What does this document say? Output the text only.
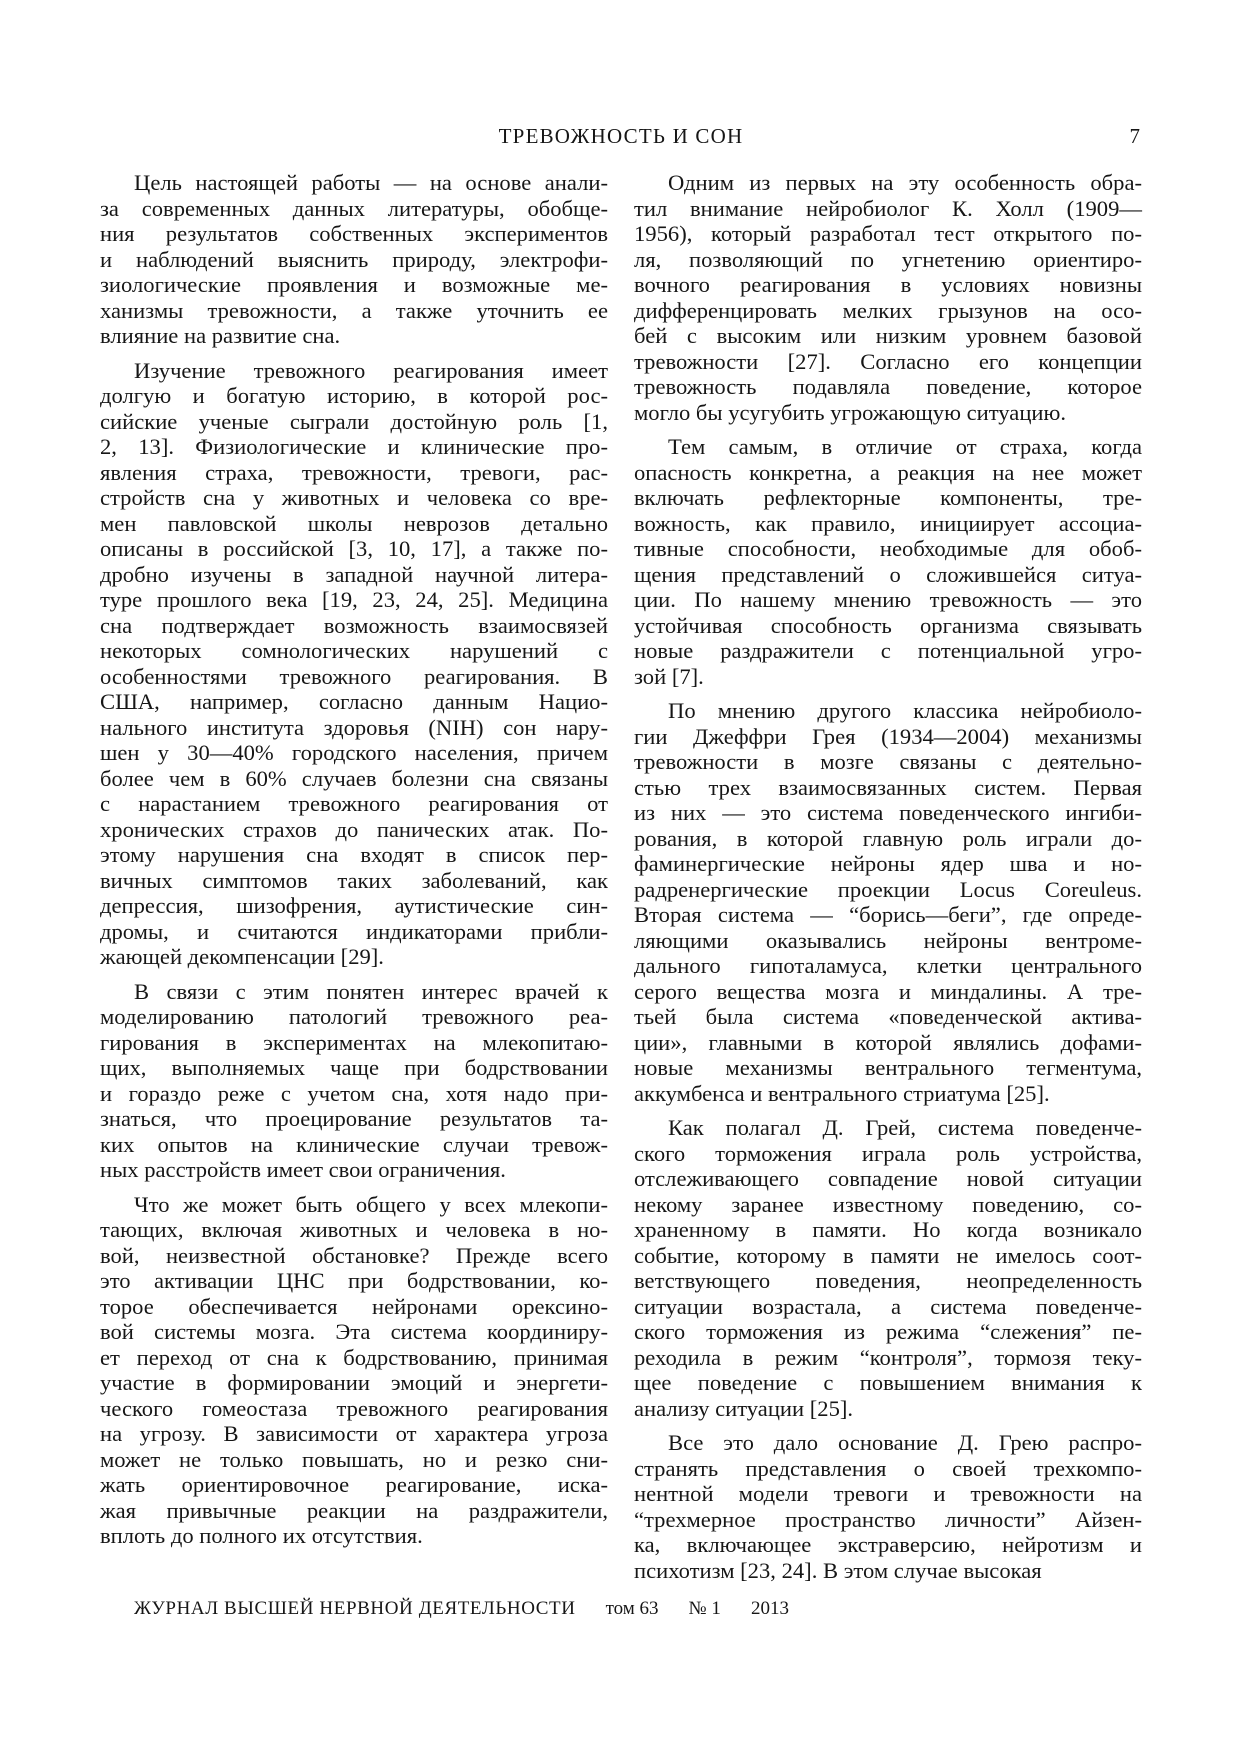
ТРЕВОЖНОСТЬ И СОН	7
Цель настоящей работы — на основе анали-
за современных данных литературы, обобще-
ния результатов собственных экспериментов
и наблюдений выяснить природу, электрофи-
зиологические проявления и возможные ме-
ханизмы тревожности, а также уточнить ее
влияние на развитие сна.
Изучение тревожного реагирования имеет
долгую и богатую историю, в которой рос-
сийские ученые сыграли достойную роль [1,
2, 13]. Физиологические и клинические про-
явления страха, тревожности, тревоги, рас-
стройств сна у животных и человека со вре-
мен павловской школы неврозов детально
описаны в российской [3, 10, 17], а также по-
дробно изучены в западной научной литера-
туре прошлого века [19, 23, 24, 25]. Медицина
сна подтверждает возможность взаимосвязей
некоторых сомнологических нарушений с
особенностями тревожного реагирования. В
США, например, согласно данным Нацио-
нального института здоровья (NIH) сон нару-
шен у 30—40% городского населения, причем
более чем в 60% случаев болезни сна связаны
с нарастанием тревожного реагирования от
хронических страхов до панических атак. По-
этому нарушения сна входят в список пер-
вичных симптомов таких заболеваний, как
депрессия, шизофрения, аутистические син-
дромы, и считаются индикаторами прибли-
жающей декомпенсации [29].
В связи с этим понятен интерес врачей к
моделированию патологий тревожного реа-
гирования в экспериментах на млекопитаю-
щих, выполняемых чаще при бодрствовании
и гораздо реже с учетом сна, хотя надо при-
знаться, что проецирование результатов та-
ких опытов на клинические случаи тревож-
ных расстройств имеет свои ограничения.
Что же может быть общего у всех млекопи-
тающих, включая животных и человека в но-
вой, неизвестной обстановке? Прежде всего
это активации ЦНС при бодрствовании, ко-
торое обеспечивается нейронами орексино-
вой системы мозга. Эта система координиру-
ет переход от сна к бодрствованию, принимая
участие в формировании эмоций и энергети-
ческого гомеостаза тревожного реагирования
на угрозу. В зависимости от характера угроза
может не только повышать, но и резко сни-
жать ориентировочное реагирование, иска-
жая привычные реакции на раздражители,
вплоть до полного их отсутствия.
Одним из первых на эту особенность обра-
тил внимание нейробиолог К. Холл (1909—
1956), который разработал тест открытого по-
ля, позволяющий по угнетению ориентиро-
вочного реагирования в условиях новизны
дифференцировать мелких грызунов на осо-
бей с высоким или низким уровнем базовой
тревожности [27]. Согласно его концепции
тревожность подавляла поведение, которое
могло бы усугубить угрожающую ситуацию.
Тем самым, в отличие от страха, когда
опасность конкретна, а реакция на нее может
включать рефлекторные компоненты, тре-
вожность, как правило, инициирует ассоциа-
тивные способности, необходимые для обоб-
щения представлений о сложившейся ситуа-
ции. По нашему мнению тревожность — это
устойчивая способность организма связывать
новые раздражители с потенциальной угро-
зой [7].
По мнению другого классика нейробиоло-
гии Джеффри Грея (1934—2004) механизмы
тревожности в мозге связаны с деятельно-
стью трех взаимосвязанных систем. Первая
из них — это система поведенческого ингиби-
рования, в которой главную роль играли до-
фаминергические нейроны ядер шва и но-
радренергические проекции Locus Coreuleus.
Вторая система — “борись—беги”, где опреде-
ляющими оказывались нейроны вентроме-
дального гипоталамуса, клетки центрального
серого вещества мозга и миндалины. А тре-
тьей была система «поведенческой актива-
ции», главными в которой являлись дофами-
новые механизмы вентрального тегментума,
аккумбенса и вентрального стриатума [25].
Как полагал Д. Грей, система поведенче-
ского торможения играла роль устройства,
отслеживающего совпадение новой ситуации
некому заранее известному поведению, со-
храненному в памяти. Но когда возникало
событие, которому в памяти не имелось соот-
ветствующего поведения, неопределенность
ситуации возрастала, а система поведенче-
ского торможения из режима “слежения” пе-
реходила в режим “контроля”, тормозя теку-
щее поведение с повышением внимания к
анализу ситуации [25].
Все это дало основание Д. Грею распро-
странять представления о своей трехкомпо-
нентной модели тревоги и тревожности на
“трехмерное пространство личности” Айзен-
ка, включающее экстраверсию, нейротизм и
психотизм [23, 24]. В этом случае высокая
ЖУРНАЛ ВЫСШЕЙ НЕРВНОЙ ДЕЯТЕЛЬНОСТИ том 63 № 1 2013
